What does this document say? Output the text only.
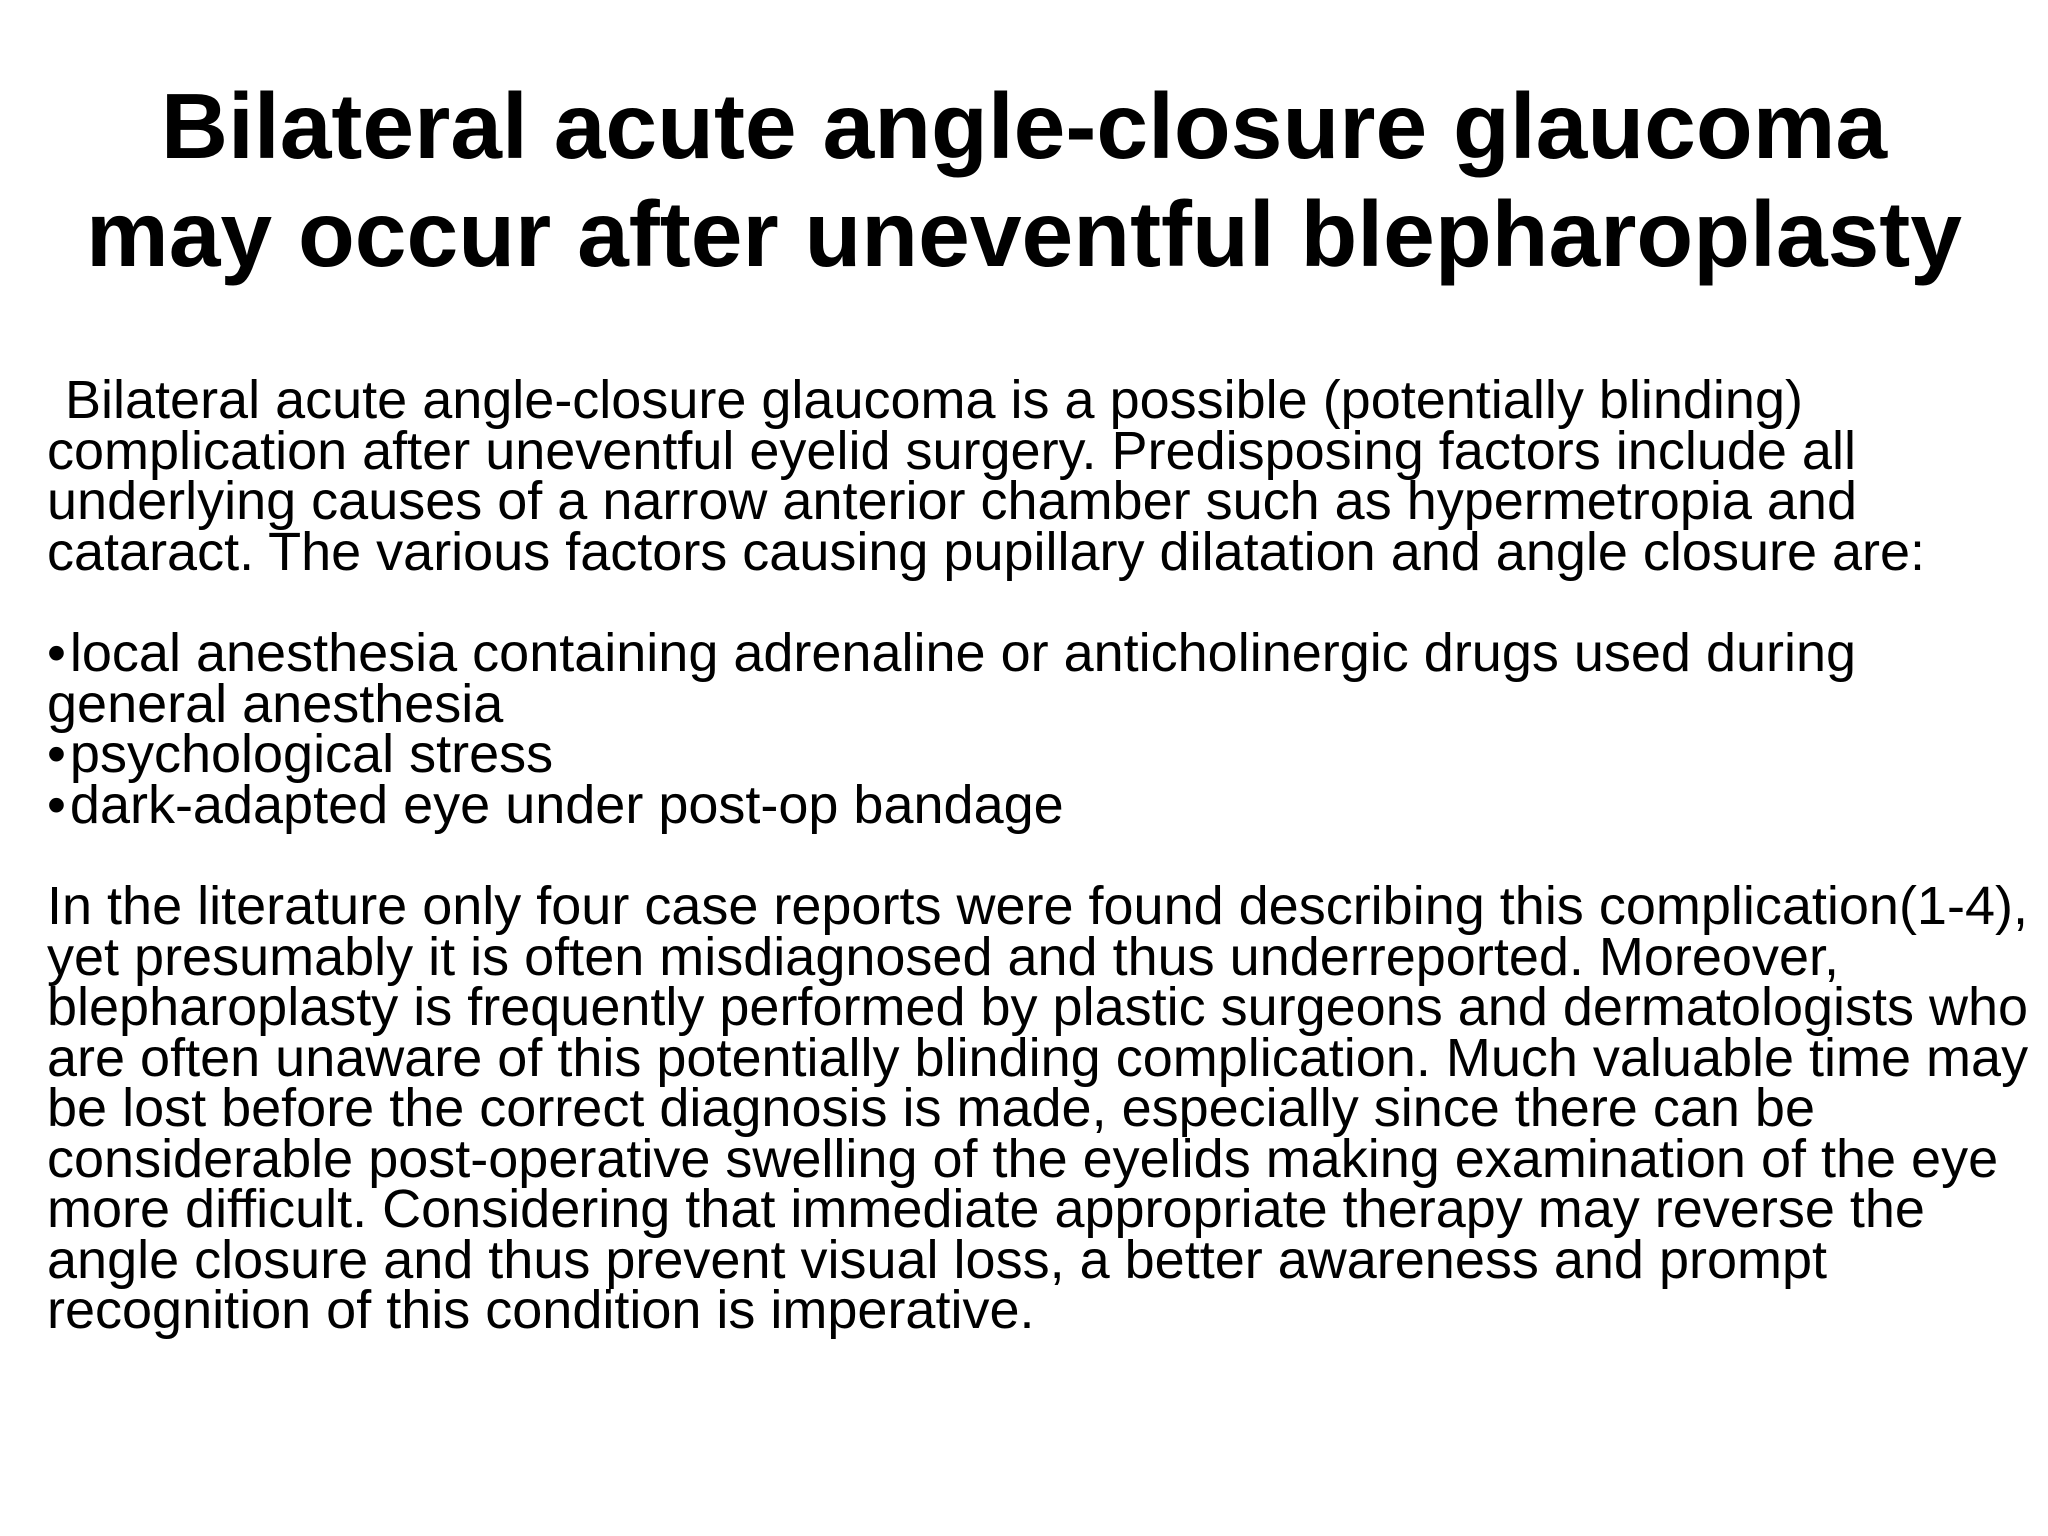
Bilateral acute angle-closure glaucoma
may occur after uneventful blepharoplasty

Bilateral acute angle-closure glaucoma is a possible (potentially blinding) complication after uneventful eyelid surgery. Predisposing factors include all underlying causes of a narrow anterior chamber such as hypermetropia and cataract. The various factors causing pupillary dilatation and angle closure are:

•local anesthesia containing adrenaline or anticholinergic drugs used during general anesthesia
•psychological stress
•dark-adapted eye under post-op bandage

In the literature only four case reports were found describing this complication(1-4), yet presumably it is often misdiagnosed and thus underreported. Moreover, blepharoplasty is frequently performed by plastic surgeons and dermatologists who are often unaware of this potentially blinding complication. Much valuable time may be lost before the correct diagnosis is made, especially since there can be considerable post-operative swelling of the eyelids making examination of the eye more difficult. Considering that immediate appropriate therapy may reverse the angle closure and thus prevent visual loss, a better awareness and prompt recognition of this condition is imperative.
